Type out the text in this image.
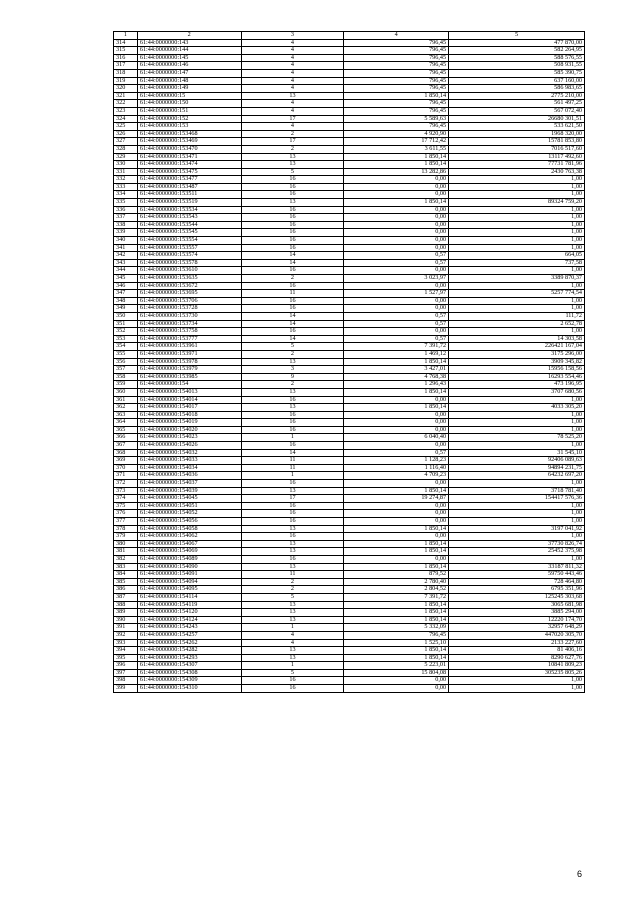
1	2	3	4	5
314	61:44:0000000:143	4	796,45	477 870,00
315	61:44:0000000:144	4	796,45	582 264,95
316	61:44:0000000:145	4	796,45	588 576,55
317	61:44:0000000:146	4	796,45	508 931,55
318	61:44:0000000:147	4	796,45	585 390,75
319	61:44:0000000:148	4	796,45	637 160,00
320	61:44:0000000:149	4	796,45	586 983,65
321	61:44:0000000:15	13	1 850,14	2775 210,00
322	61:44:0000000:150	4	796,45	561 497,25
323	61:44:0000000:151	4	796,45	567 072,40
324	61:44:0000000:152	17	5 589,63	26680 301,51
325	61:44:0000000:153	4	796,45	533 621,50
326	61:44:0000000:153468	2	4 920,90	1968 320,00
327	61:44:0000000:153469	17	17 712,42	15781 853,80
328	61:44:0000000:153470	2	3 611,55	7016 517,60
329	61:44:0000000:153471	13	1 850,14	13117 492,60
330	61:44:0000000:153474	13	1 850,14	77731 781,96
331	61:44:0000000:153475	5	13 282,86	2430 763,38
332	61:44:0000000:153477	16	0,00	1,00
333	61:44:0000000:153487	16	0,00	1,00
334	61:44:0000000:153511	16	0,00	1,00
335	61:44:0000000:153519	13	1 850,14	89324 759,20
336	61:44:0000000:153534	16	0,00	1,00
337	61:44:0000000:153543	16	0,00	1,00
338	61:44:0000000:153544	16	0,00	1,00
339	61:44:0000000:153545	16	0,00	1,00
340	61:44:0000000:153554	16	0,00	1,00
341	61:44:0000000:153557	16	0,00	1,00
342	61:44:0000000:153574	14	0,57	664,05
343	61:44:0000000:153578	14	0,57	737,58
344	61:44:0000000:153610	16	0,00	1,00
345	61:44:0000000:153635	2	3 023,97	3389 870,37
346	61:44:0000000:153672	16	0,00	1,00
347	61:44:0000000:153695	11	1 527,97	5257 774,54
348	61:44:0000000:153706	16	0,00	1,00
349	61:44:0000000:153728	16	0,00	1,00
350	61:44:0000000:153730	14	0,57	111,72
351	61:44:0000000:153734	14	0,57	2 652,78
352	61:44:0000000:153758	16	0,00	1,00
353	61:44:0000000:153777	14	0,57	14 303,58
354	61:44:0000000:153961	5	7 391,72	226421 167,04
355	61:44:0000000:153971	2	1 469,12	3175 296,00
356	61:44:0000000:153978	13	1 850,14	3909 345,82
357	61:44:0000000:153979	3	3 427,01	15956 158,56
358	61:44:0000000:153985	9	4 768,38	16293 554,46
359	61:44:0000000:154	2	1 296,43	473 196,95
360	61:44:0000000:154013	13	1 850,14	3707 680,56
361	61:44:0000000:154014	16	0,00	1,00
362	61:44:0000000:154017	13	1 850,14	4033 305,20
363	61:44:0000000:154018	16	0,00	1,00
364	61:44:0000000:154019	16	0,00	1,00
365	61:44:0000000:154020	16	0,00	1,00
366	61:44:0000000:154023	1	6 040,40	78 525,20
367	61:44:0000000:154026	16	0,00	1,00
368	61:44:0000000:154032	14	0,57	31 545,10
369	61:44:0000000:154033	11	1 128,23	92406 089,63
370	61:44:0000000:154034	11	1 116,40	94894 231,75
371	61:44:0000000:154036	1	4 709,23	64232 697,20
372	61:44:0000000:154037	16	0,00	1,00
373	61:44:0000000:154039	13	1 850,14	3718 781,40
374	61:44:0000000:154045	17	19 274,87	154417 576,36
375	61:44:0000000:154051	16	0,00	1,00
376	61:44:0000000:154052	16	0,00	1,00
377	61:44:0000000:154056	16	0,00	1,00
378	61:44:0000000:154058	13	1 850,14	3197 041,92
379	61:44:0000000:154062	16	0,00	1,00
380	61:44:0000000:154067	13	1 850,14	37730 826,74
381	61:44:0000000:154069	13	1 850,14	25452 375,98
382	61:44:0000000:154089	16	0,00	1,00
383	61:44:0000000:154090	13	1 850,14	33187 811,32
384	61:44:0000000:154091	11	879,52	59750 443,46
385	61:44:0000000:154094	2	2 780,40	728 464,80
386	61:44:0000000:154095	2	2 804,52	6795 351,96
387	61:44:0000000:154114	5	7 391,72	125245 303,68
388	61:44:0000000:154119	13	1 850,14	3065 681,98
389	61:44:0000000:154120	13	1 850,14	3885 294,00
390	61:44:0000000:154124	13	1 850,14	12220 174,70
391	61:44:0000000:154243	1	5 332,09	32957 648,29
392	61:44:0000000:154257	4	796,45	447020 305,70
393	61:44:0000000:154262	4	1 525,10	2133 227,60
394	61:44:0000000:154282	13	1 850,14	81 406,16
395	61:44:0000000:154293	13	1 850,14	8290 627,76
396	61:44:0000000:154307	1	5 223,01	10841 809,23
397	61:44:0000000:154308	5	15 804,08	305235 805,26
398	61:44:0000000:154309	16	0,00	1,00
399	61:44:0000000:154310	16	0,00	1,00
6
